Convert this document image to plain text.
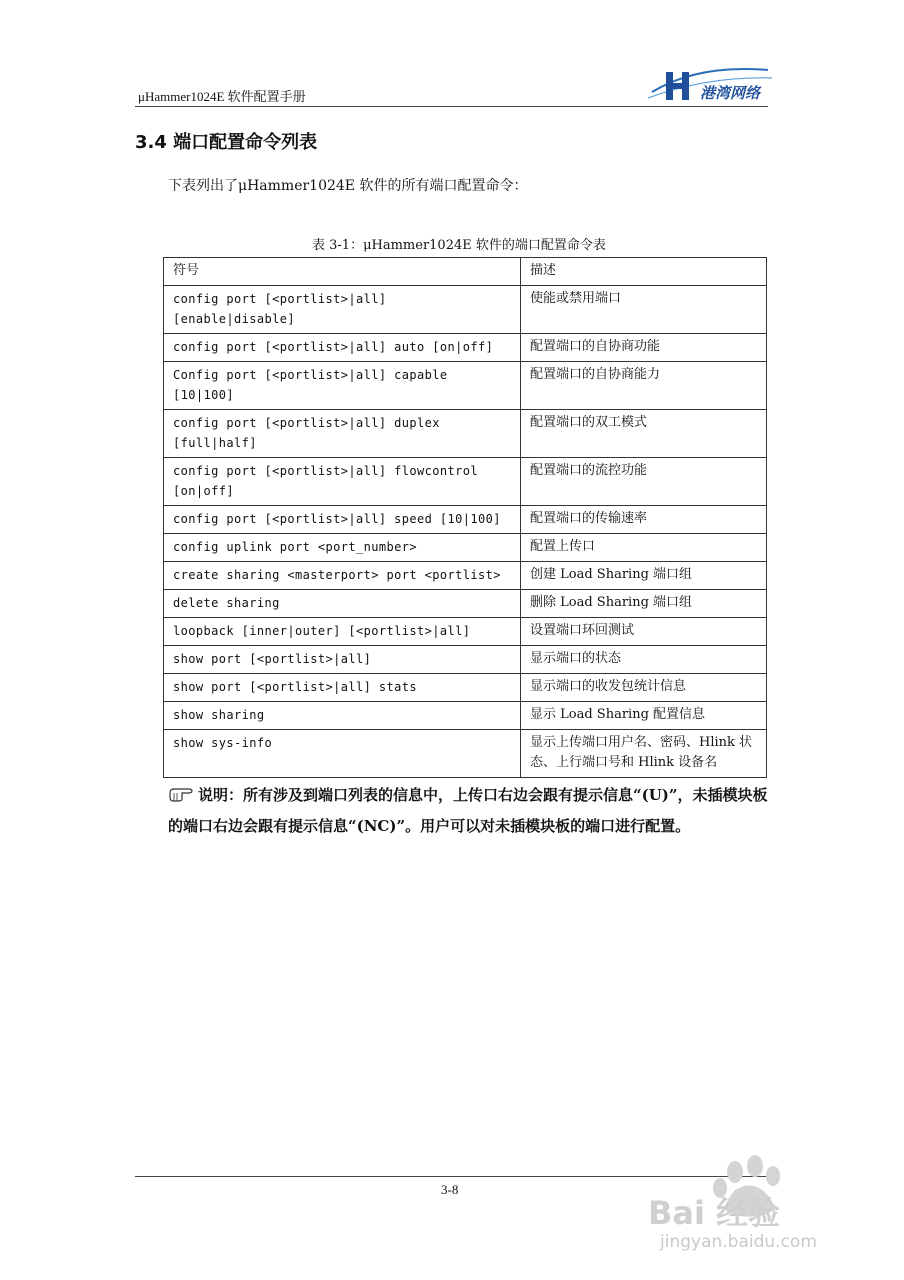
μHammer1024E 软件配置手册	港湾网络
3.4 端口配置命令列表
下表列出了μHammer1024E 软件的所有端口配置命令：
表 3-1：μHammer1024E 软件的端口配置命令表
符号	描述
config port [<portlist>|all] [enable|disable]	使能或禁用端口
config port [<portlist>|all] auto [on|off]	配置端口的自协商功能
Config port [<portlist>|all] capable [10|100]	配置端口的自协商能力
config port [<portlist>|all] duplex [full|half]	配置端口的双工模式
config port [<portlist>|all] flowcontrol [on|off]	配置端口的流控功能
config port [<portlist>|all] speed [10|100]	配置端口的传输速率
config uplink port <port_number>	配置上传口
create sharing <masterport> port <portlist>	创建 Load Sharing 端口组
delete sharing	删除 Load Sharing 端口组
loopback [inner|outer] [<portlist>|all]	设置端口环回测试
show port [<portlist>|all]	显示端口的状态
show port [<portlist>|all] stats	显示端口的收发包统计信息
show sharing	显示 Load Sharing 配置信息
show sys-info	显示上传端口用户名、密码、Hlink 状态、上行端口号和 Hlink 设备名
说明：所有涉及到端口列表的信息中，上传口右边会跟有提示信息“(U)”，未插模块板的端口右边会跟有提示信息“(NC)”。用户可以对未插模块板的端口进行配置。
3-8
Bai 经验
jingyan.baidu.com
